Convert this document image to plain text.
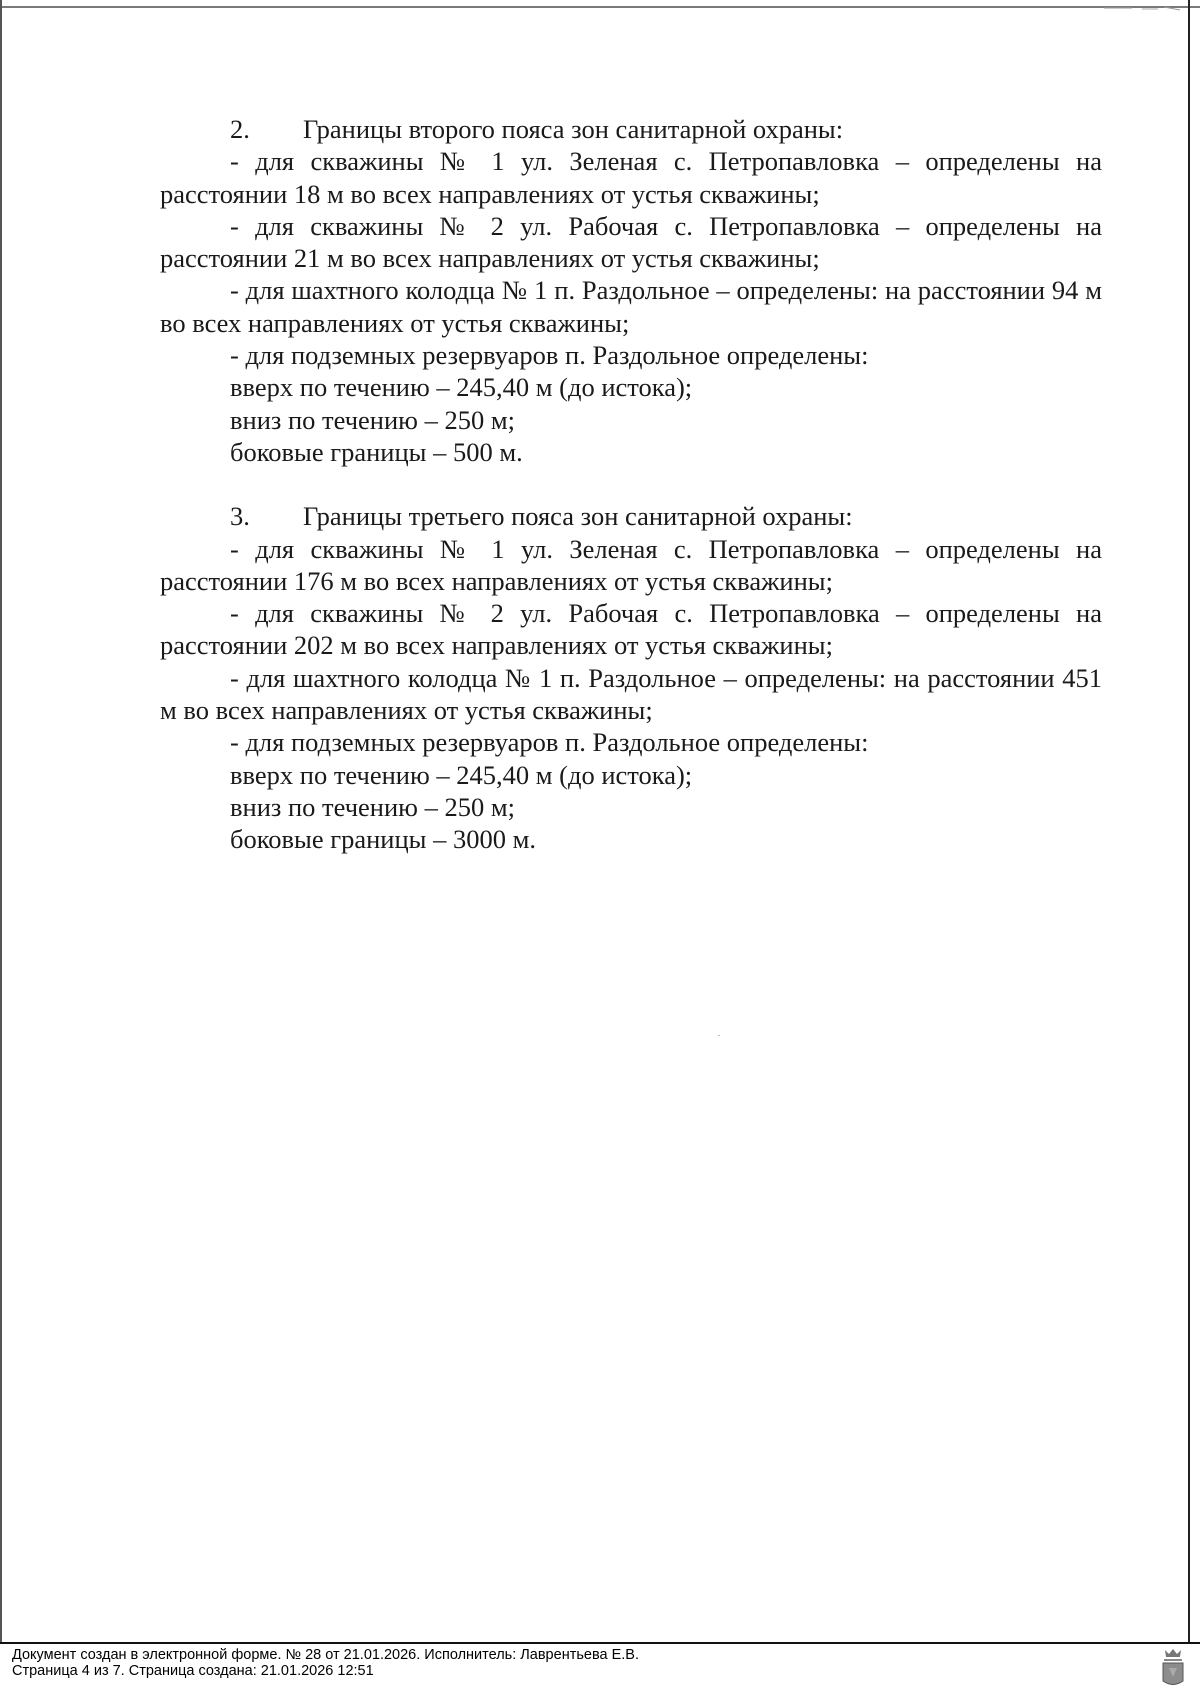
2.	Границы второго пояса зон санитарной охраны:

- для скважины № 1 ул. Зеленая с. Петропавловка – определены на расстоянии 18 м во всех направлениях от устья скважины;

- для скважины № 2 ул. Рабочая с. Петропавловка – определены на расстоянии 21 м во всех направлениях от устья скважины;

- для шахтного колодца № 1 п. Раздольное – определены: на расстоянии 94 м во всех направлениях от устья скважины;

- для подземных резервуаров п. Раздольное определены:

вверх по течению – 245,40 м (до истока);

вниз по течению – 250 м;

боковые границы – 500 м.

3.	Границы третьего пояса зон санитарной охраны:

- для скважины № 1 ул. Зеленая с. Петропавловка – определены на расстоянии 176 м во всех направлениях от устья скважины;

- для скважины № 2 ул. Рабочая с. Петропавловка – определены на расстоянии 202 м во всех направлениях от устья скважины;

- для шахтного колодца № 1 п. Раздольное – определены: на расстоянии 451 м во всех направлениях от устья скважины;

- для подземных резервуаров п. Раздольное определены:

вверх по течению – 245,40 м (до истока);

вниз по течению – 250 м;

боковые границы – 3000 м.

Документ создан в электронной форме. № 28 от 21.01.2026. Исполнитель: Лаврентьева Е.В.
Страница 4 из 7. Страница создана: 21.01.2026 12:51
